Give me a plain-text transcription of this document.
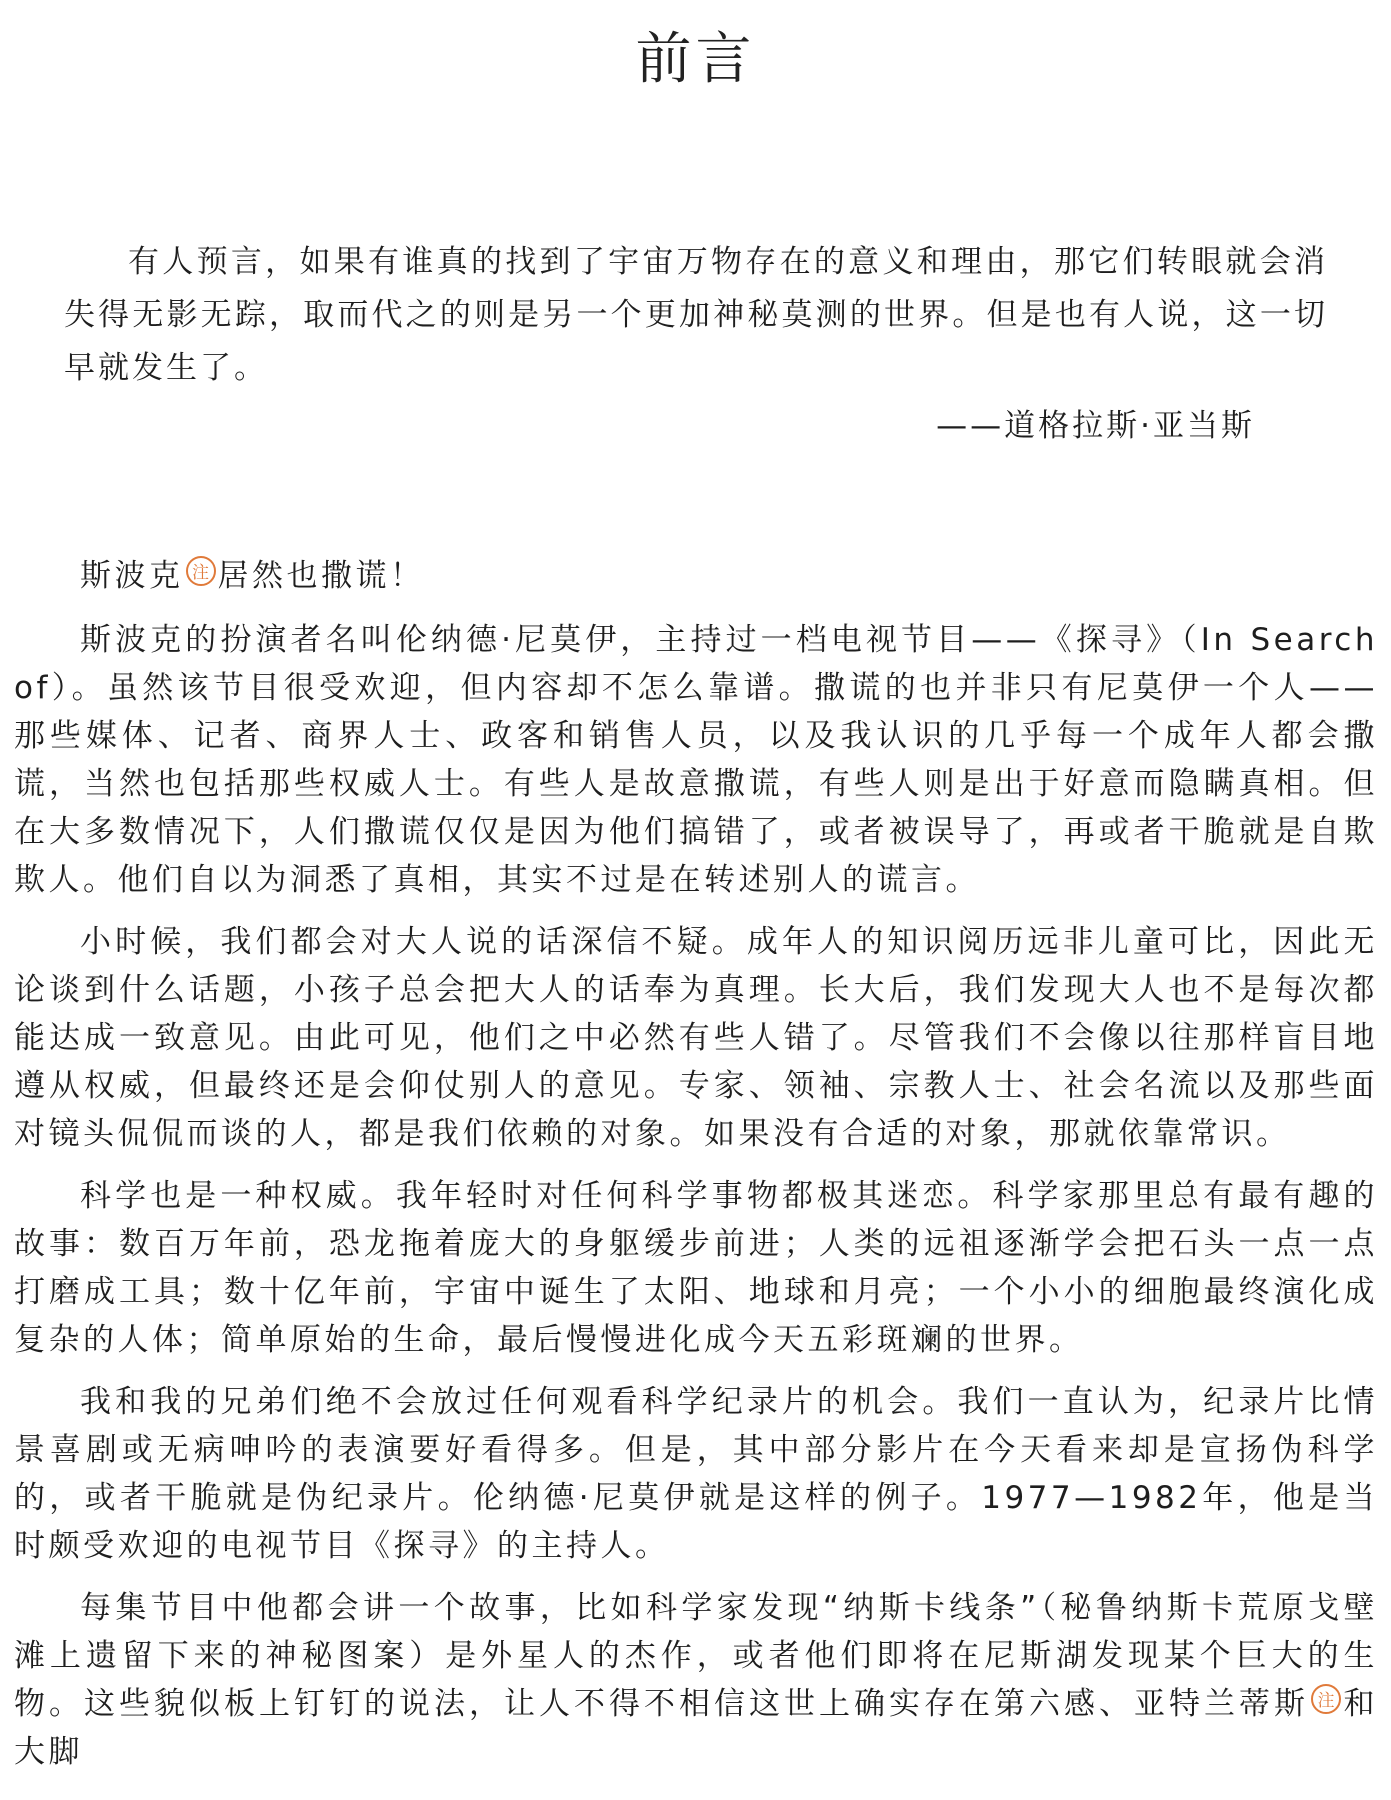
前言
有人预言，如果有谁真的找到了宇宙万物存在的意义和理由，那它们转眼就会消失得无影无踪，取而代之的则是另一个更加神秘莫测的世界。但是也有人说，这一切早就发生了。
——道格拉斯·亚当斯

斯波克 注 居然也撒谎！

斯波克的扮演者名叫伦纳德·尼莫伊，主持过一档电视节目——《探寻》（In Search of）。虽然该节目很受欢迎，但内容却不怎么靠谱。撒谎的也并非只有尼莫伊一个人——那些媒体、记者、商界人士、政客和销售人员，以及我认识的几乎每一个成年人都会撒谎，当然也包括那些权威人士。有些人是故意撒谎，有些人则是出于好意而隐瞒真相。但在大多数情况下，人们撒谎仅仅是因为他们搞错了，或者被误导了，再或者干脆就是自欺欺人。他们自以为洞悉了真相，其实不过是在转述别人的谎言。

小时候，我们都会对大人说的话深信不疑。成年人的知识阅历远非儿童可比，因此无论谈到什么话题，小孩子总会把大人的话奉为真理。长大后，我们发现大人也不是每次都能达成一致意见。由此可见，他们之中必然有些人错了。尽管我们不会像以往那样盲目地遵从权威，但最终还是会仰仗别人的意见。专家、领袖、宗教人士、社会名流以及那些面对镜头侃侃而谈的人，都是我们依赖的对象。如果没有合适的对象，那就依靠常识。

科学也是一种权威。我年轻时对任何科学事物都极其迷恋。科学家那里总有最有趣的故事：数百万年前，恐龙拖着庞大的身躯缓步前进；人类的远祖逐渐学会把石头一点一点打磨成工具；数十亿年前，宇宙中诞生了太阳、地球和月亮；一个小小的细胞最终演化成复杂的人体；简单原始的生命，最后慢慢进化成今天五彩斑斓的世界。

我和我的兄弟们绝不会放过任何观看科学纪录片的机会。我们一直认为，纪录片比情景喜剧或无病呻吟的表演要好看得多。但是，其中部分影片在今天看来却是宣扬伪科学的，或者干脆就是伪纪录片。伦纳德·尼莫伊就是这样的例子。1977—1982年，他是当时颇受欢迎的电视节目《探寻》的主持人。

每集节目中他都会讲一个故事，比如科学家发现“纳斯卡线条”（秘鲁纳斯卡荒原戈壁滩上遗留下来的神秘图案）是外星人的杰作，或者他们即将在尼斯湖发现某个巨大的生物。这些貌似板上钉钉的说法，让人不得不相信这世上确实存在第六感、亚特兰蒂斯 注 和大脚
